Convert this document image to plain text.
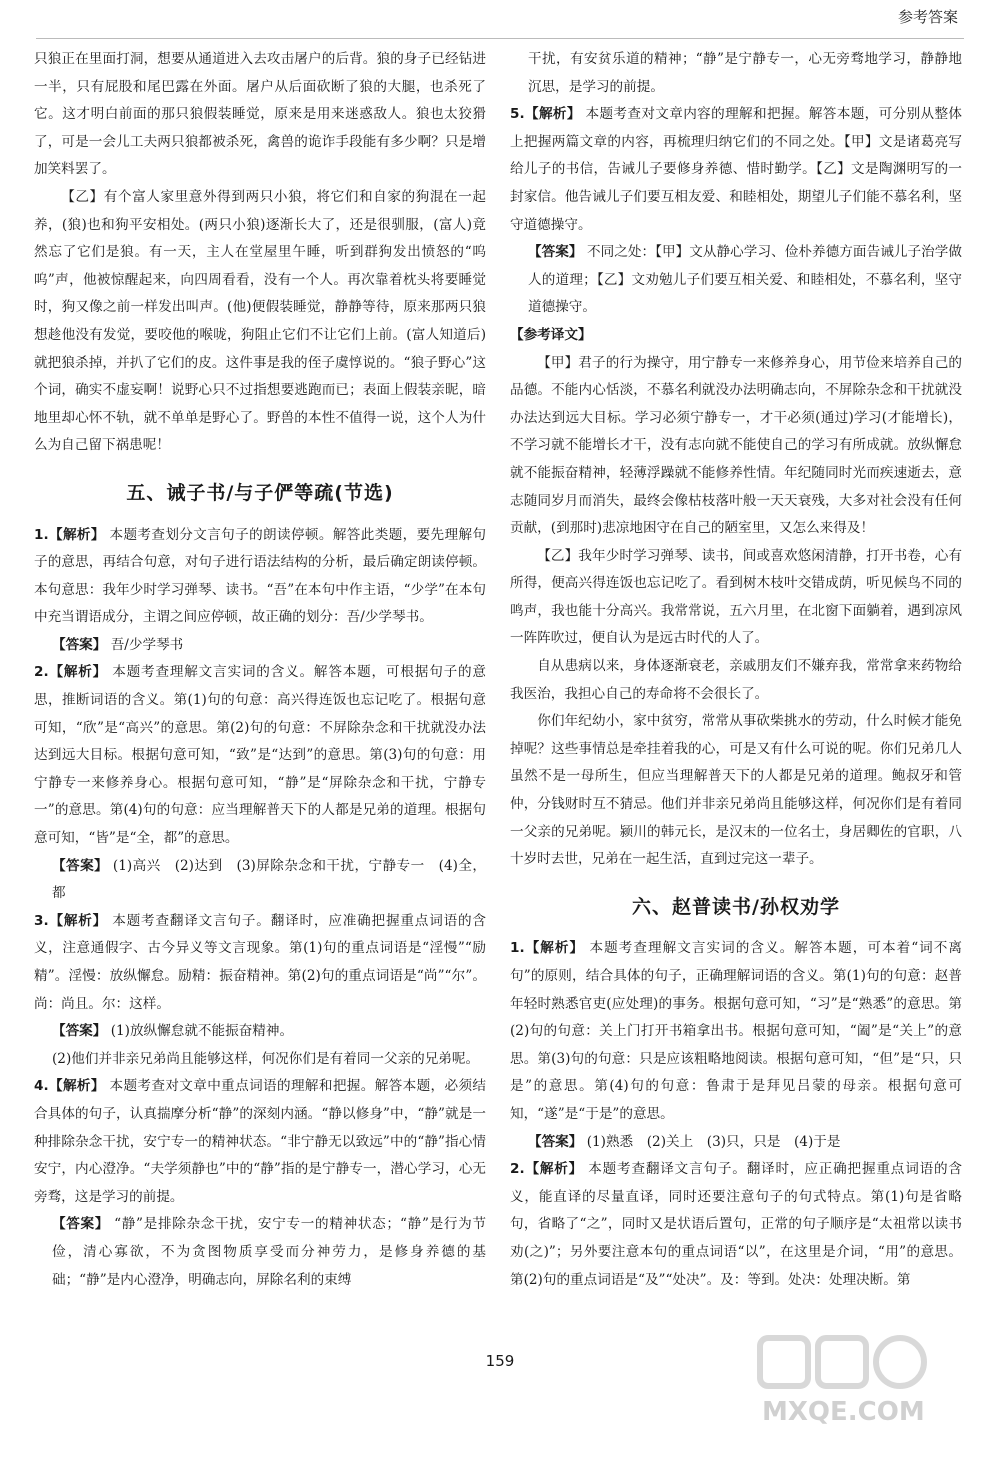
参考答案

只狼正在里面打洞，想要从通道进入去攻击屠户的后背。狼的身子已经钻进一半，只有屁股和尾巴露在外面。屠户从后面砍断了狼的大腿，也杀死了它。这才明白前面的那只狼假装睡觉，原来是用来迷惑敌人。狼也太狡猾了，可是一会儿工夫两只狼都被杀死，禽兽的诡诈手段能有多少啊？只是增加笑料罢了。

【乙】有个富人家里意外得到两只小狼，将它们和自家的狗混在一起养，(狼)也和狗平安相处。(两只小狼)逐渐长大了，还是很驯服，(富人)竟然忘了它们是狼。有一天，主人在堂屋里午睡，听到群狗发出愤怒的“呜呜”声，他被惊醒起来，向四周看看，没有一个人。再次靠着枕头将要睡觉时，狗又像之前一样发出叫声。(他)便假装睡觉，静静等待，原来那两只狼想趁他没有发觉，要咬他的喉咙，狗阻止它们不让它们上前。(富人知道后)就把狼杀掉，并扒了它们的皮。这件事是我的侄子虞惇说的。“狼子野心”这个词，确实不虚妄啊！说野心只不过指想要逃跑而已；表面上假装亲昵，暗地里却心怀不轨，就不单单是野心了。野兽的本性不值得一说，这个人为什么为自己留下祸患呢！

五、诫子书/与子俨等疏(节选)
1.【解析】 本题考查划分文言句子的朗读停顿。解答此类题，要先理解句子的意思，再结合句意，对句子进行语法结构的分析，最后确定朗读停顿。本句意思：我年少时学习弹琴、读书。“吾”在本句中作主语，“少学”在本句中充当谓语成分，主谓之间应停顿，故正确的划分：吾/少学琴书。
【答案】 吾/少学琴书
2.【解析】 本题考查理解文言实词的含义。解答本题，可根据句子的意思，推断词语的含义。第(1)句的句意：高兴得连饭也忘记吃了。根据句意可知，“欣”是“高兴”的意思。第(2)句的句意：不屏除杂念和干扰就没办法达到远大目标。根据句意可知，“致”是“达到”的意思。第(3)句的句意：用宁静专一来修养身心。根据句意可知，“静”是“屏除杂念和干扰，宁静专一”的意思。第(4)句的句意：应当理解普天下的人都是兄弟的道理。根据句意可知，“皆”是“全，都”的意思。
【答案】 (1)高兴　(2)达到　(3)屏除杂念和干扰，宁静专一　(4)全，都
3.【解析】 本题考查翻译文言句子。翻译时，应准确把握重点词语的含义，注意通假字、古今异义等文言现象。第(1)句的重点词语是“淫慢”“励精”。淫慢：放纵懈怠。励精：振奋精神。第(2)句的重点词语是“尚”“尔”。尚：尚且。尔：这样。
【答案】 (1)放纵懈怠就不能振奋精神。
(2)他们并非亲兄弟尚且能够这样，何况你们是有着同一父亲的兄弟呢。
4.【解析】 本题考查对文章中重点词语的理解和把握。解答本题，必须结合具体的句子，认真揣摩分析“静”的深刻内涵。“静以修身”中，“静”就是一种排除杂念干扰，安宁专一的精神状态。“非宁静无以致远”中的“静”指心情安宁，内心澄净。“夫学须静也”中的“静”指的是宁静专一，潜心学习，心无旁骛，这是学习的前提。
【答案】 “静”是排除杂念干扰，安宁专一的精神状态；“静”是行为节俭，清心寡欲，不为贪图物质享受而分神劳力，是修身养德的基础；“静”是内心澄净，明确志向，屏除名利的束缚
干扰，有安贫乐道的精神；“静”是宁静专一，心无旁骛地学习，静静地沉思，是学习的前提。
5.【解析】 本题考查对文章内容的理解和把握。解答本题，可分别从整体上把握两篇文章的内容，再梳理归纳它们的不同之处。【甲】文是诸葛亮写给儿子的书信，告诫儿子要修身养德、惜时勤学。【乙】文是陶渊明写的一封家信。他告诫儿子们要互相友爱、和睦相处，期望儿子们能不慕名利，坚守道德操守。
【答案】 不同之处：【甲】文从静心学习、俭朴养德方面告诫儿子治学做人的道理；【乙】文劝勉儿子们要互相关爱、和睦相处，不慕名利，坚守道德操守。
【参考译文】

【甲】君子的行为操守，用宁静专一来修养身心，用节俭来培养自己的品德。不能内心恬淡，不慕名利就没办法明确志向，不屏除杂念和干扰就没办法达到远大目标。学习必须宁静专一，才干必须(通过)学习(才能增长)，不学习就不能增长才干，没有志向就不能使自己的学习有所成就。放纵懈怠就不能振奋精神，轻薄浮躁就不能修养性情。年纪随同时光而疾速逝去，意志随同岁月而消失，最终会像枯枝落叶般一天天衰残，大多对社会没有任何贡献，(到那时)悲凉地困守在自己的陋室里，又怎么来得及！

【乙】我年少时学习弹琴、读书，间或喜欢悠闲清静，打开书卷，心有所得，便高兴得连饭也忘记吃了。看到树木枝叶交错成荫，听见候鸟不同的鸣声，我也能十分高兴。我常常说，五六月里，在北窗下面躺着，遇到凉风一阵阵吹过，便自认为是远古时代的人了。

自从患病以来，身体逐渐衰老，亲戚朋友们不嫌弃我，常常拿来药物给我医治，我担心自己的寿命将不会很长了。

你们年纪幼小，家中贫穷，常常从事砍柴挑水的劳动，什么时候才能免掉呢？这些事情总是牵挂着我的心，可是又有什么可说的呢。你们兄弟几人虽然不是一母所生，但应当理解普天下的人都是兄弟的道理。鲍叔牙和管仲，分钱财时互不猜忌。他们并非亲兄弟尚且能够这样，何况你们是有着同一父亲的兄弟呢。颍川的韩元长，是汉末的一位名士，身居卿佐的官职，八十岁时去世，兄弟在一起生活，直到过完这一辈子。

六、赵普读书/孙权劝学
1.【解析】 本题考查理解文言实词的含义。解答本题，可本着“词不离句”的原则，结合具体的句子，正确理解词语的含义。第(1)句的句意：赵普年轻时熟悉官吏(应处理)的事务。根据句意可知，“习”是“熟悉”的意思。第(2)句的句意：关上门打开书箱拿出书。根据句意可知，“阖”是“关上”的意思。第(3)句的句意：只是应该粗略地阅读。根据句意可知，“但”是“只，只是”的意思。第(4)句的句意：鲁肃于是拜见吕蒙的母亲。根据句意可知，“遂”是“于是”的意思。
【答案】 (1)熟悉　(2)关上　(3)只，只是　(4)于是
2.【解析】 本题考查翻译文言句子。翻译时，应正确把握重点词语的含义，能直译的尽量直译，同时还要注意句子的句式特点。第(1)句是省略句，省略了“之”，同时又是状语后置句，正常的句子顺序是“太祖常以读书劝(之)”；另外要注意本句的重点词语“以”，在这里是介词，“用”的意思。第(2)句的重点词语是“及”“处决”。及：等到。处决：处理决断。第
159
MXQE.COM
